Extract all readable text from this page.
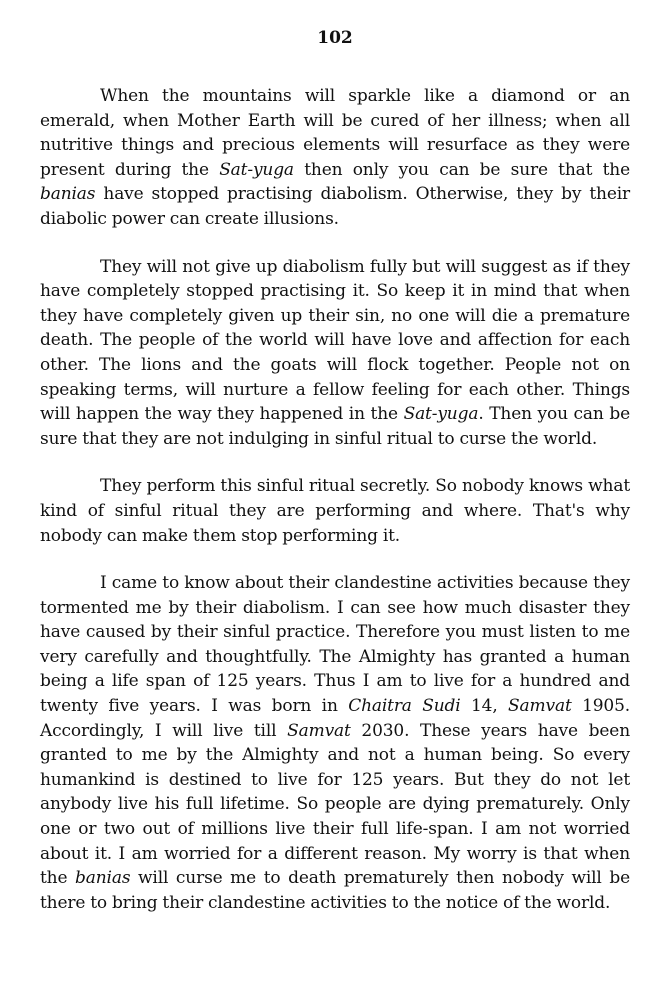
102

When the mountains will sparkle like a diamond or an emerald, when Mother Earth will be cured of her illness; when all nutritive things and precious elements will resurface as they were present during the Sat-yuga then only you can be sure that the banias have stopped practising diabolism. Otherwise, they by their diabolic power can create illusions.

They will not give up diabolism fully but will suggest as if they have completely stopped practising it. So keep it in mind that when they have completely given up their sin, no one will die a premature death. The people of the world will have love and affection for each other. The lions and the goats will flock together. People not on speaking terms, will nurture a fellow feeling for each other. Things will happen the way they happened in the Sat-yuga. Then you can be sure that they are not indulging in sinful ritual to curse the world.

They perform this sinful ritual secretly. So nobody knows what kind of sinful ritual they are performing and where. That's why nobody can make them stop performing it.

I came to know about their clandestine activities because they tormented me by their diabolism. I can see how much disaster they have caused by their sinful practice. Therefore you must listen to me very carefully and thoughtfully. The Almighty has granted a human being a life span of 125 years. Thus I am to live for a hundred and twenty five years. I was born in Chaitra Sudi 14, Samvat 1905. Accordingly, I will live till Samvat 2030. These years have been granted to me by the Almighty and not a human being. So every humankind is destined to live for 125 years. But they do not let anybody live his full lifetime. So people are dying prematurely. Only one or two out of millions live their full life-span. I am not worried about it. I am worried for a different reason. My worry is that when the banias will curse me to death prematurely then nobody will be there to bring their clandestine activities to the notice of the world.
